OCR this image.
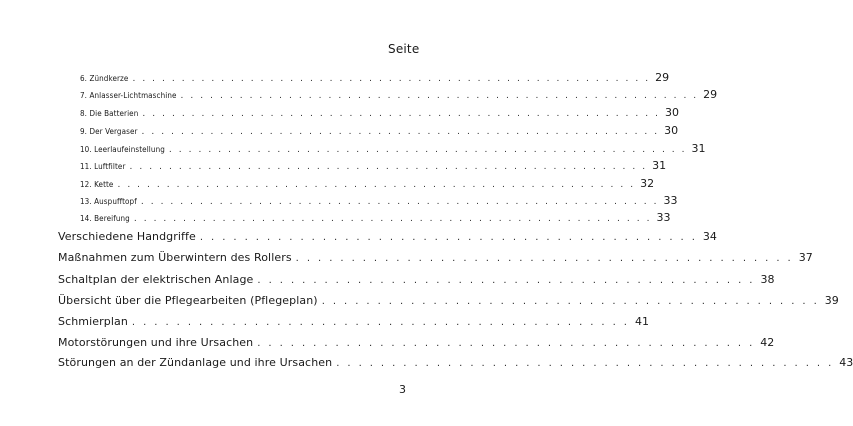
Seite
6. Zündkerze ..................................................... 29
7. Anlasser-Lichtmaschine ..................................................... 29
8. Die Batterien ..................................................... 30
9. Der Vergaser ..................................................... 30
10. Leerlaufeinstellung ..................................................... 31
11. Luftfilter ..................................................... 31
12. Kette ..................................................... 32
13. Auspufftopf ..................................................... 33
14. Bereifung ..................................................... 33
Verschiedene Handgriffe ............................................. 34
Maßnahmen zum Überwintern des Rollers ............................................. 37
Schaltplan der elektrischen Anlage ............................................. 38
Übersicht über die Pflegearbeiten (Pflegeplan) ............................................. 39
Schmierplan ............................................. 41
Motorstörungen und ihre Ursachen ............................................. 42
Störungen an der Zündanlage und ihre Ursachen ............................................. 43
3
